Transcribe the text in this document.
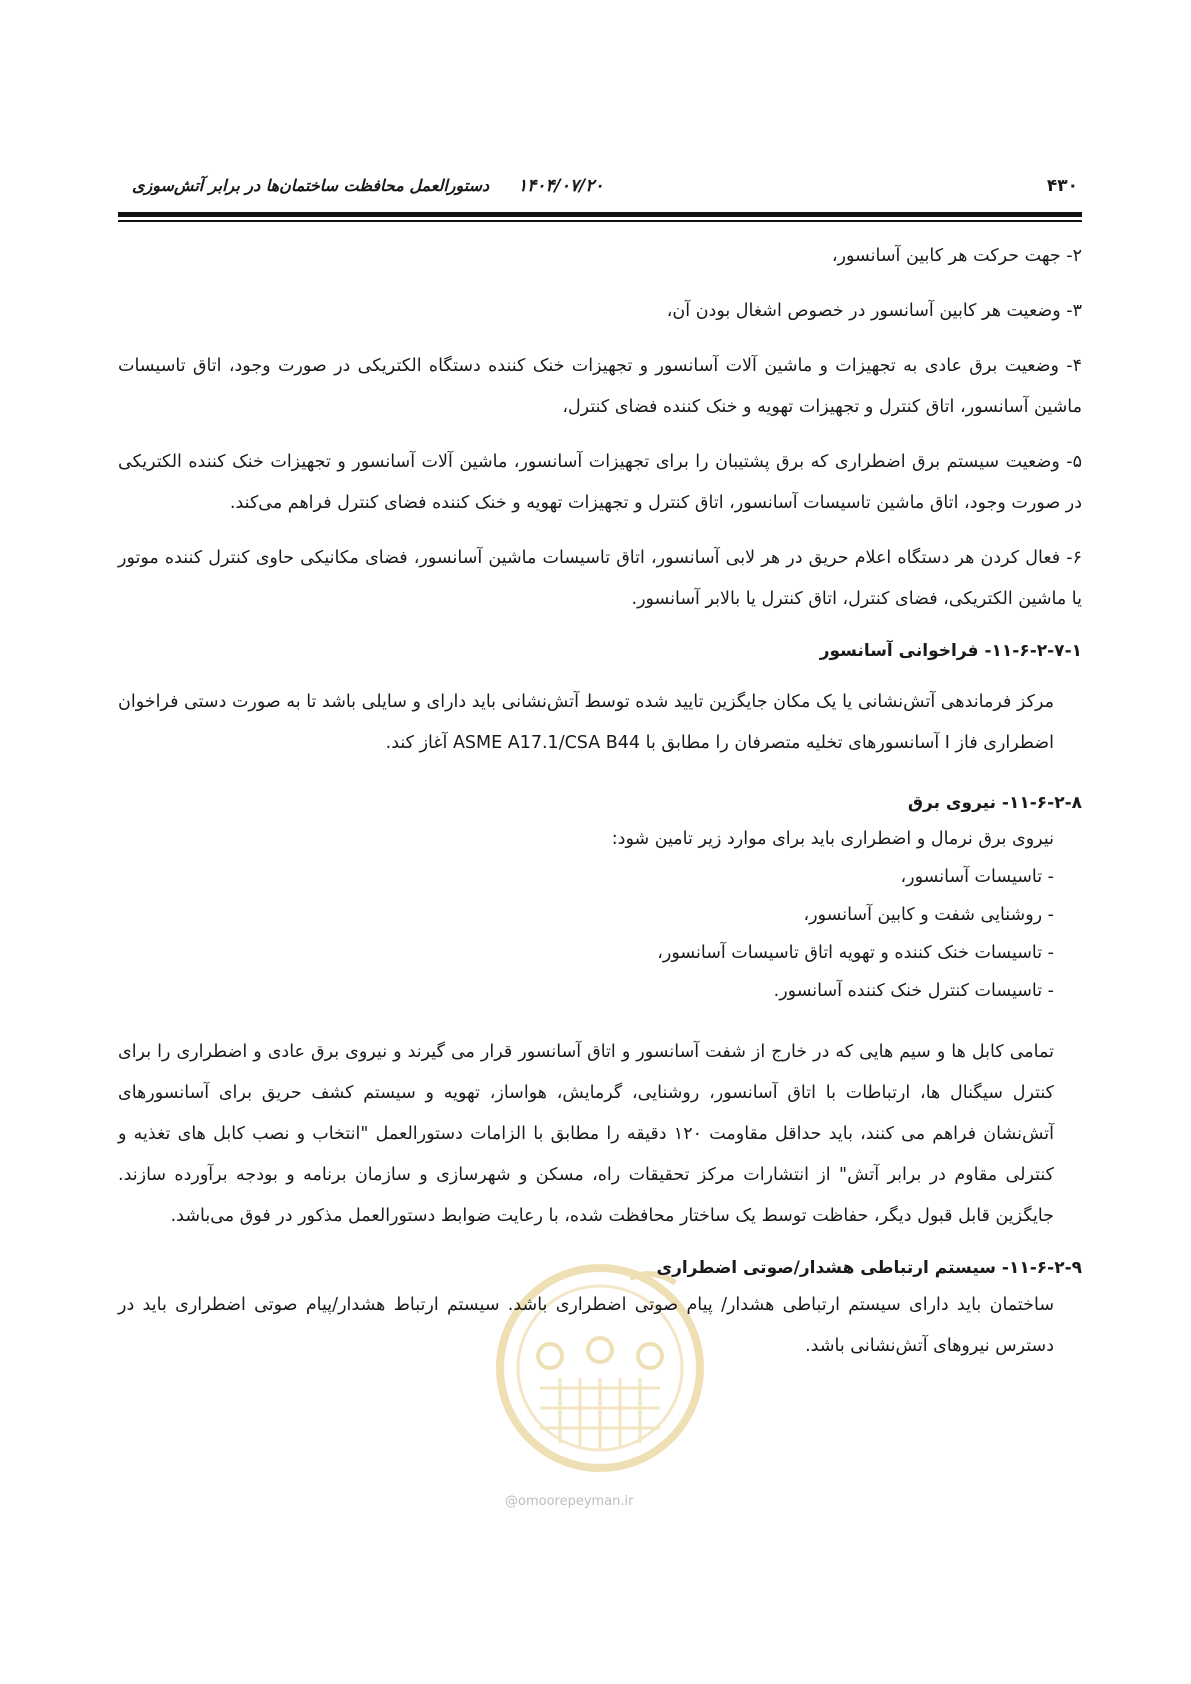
۴۳۰
۱۴۰۴/۰۷/۲۰
دستورالعمل محافظت ساختمان‌ها در برابر آتش‌سوزی
@omoorepeyman.ir

۲- جهت حرکت هر کابین آسانسور،

۳- وضعیت هر کابین آسانسور در خصوص اشغال بودن آن،

۴- وضعیت برق عادی به تجهیزات و ماشین آلات آسانسور و تجهیزات خنک کننده دستگاه الکتریکی در صورت وجود، اتاق تاسیسات ماشین آسانسور، اتاق کنترل و تجهیزات تهویه و خنک کننده فضای کنترل،

۵- وضعیت سیستم برق اضطراری که برق پشتیبان را برای تجهیزات آسانسور، ماشین آلات آسانسور و تجهیزات خنک کننده الکتریکی در صورت وجود، اتاق ماشین تاسیسات آسانسور، اتاق کنترل و تجهیزات تهویه و خنک کننده فضای کنترل فراهم می‌کند.

۶- فعال کردن هر دستگاه اعلام حریق در هر لابی آسانسور، اتاق تاسیسات ماشین آسانسور، فضای مکانیکی حاوی کنترل کننده موتور یا ماشین الکتریکی، فضای کنترل، اتاق کنترل یا بالابر آسانسور.

۱۱-۶-۲-۷-۱- فراخوانی آسانسور

مرکز فرماندهی آتش‌نشانی یا یک مکان جایگزین تایید شده توسط آتش‌نشانی باید دارای و سایلی باشد تا به صورت دستی فراخوان اضطراری فاز I آسانسورهای تخلیه متصرفان را مطابق با ASME A17.1/CSA B44 آغاز کند.

۱۱-۶-۲-۸- نیروی برق

نیروی برق نرمال و اضطراری باید برای موارد زیر تامین شود:

- تاسیسات آسانسور،

- روشنایی شفت و کابین آسانسور،

- تاسیسات خنک کننده و تهویه اتاق تاسیسات آسانسور،

- تاسیسات کنترل خنک کننده آسانسور.

تمامی کابل ها و سیم هایی که در خارج از شفت آسانسور و اتاق آسانسور قرار می گیرند و نیروی برق عادی و اضطراری را برای کنترل سیگنال ها، ارتباطات با اتاق آسانسور، روشنایی، گرمایش، هواساز، تهویه و سیستم کشف حریق برای آسانسورهای آتش‌نشان فراهم می کنند، باید حداقل مقاومت ۱۲۰ دقیقه را مطابق با الزامات دستورالعمل "انتخاب و نصب کابل های تغذیه و کنترلی مقاوم در برابر آتش" از انتشارات مرکز تحقیقات راه، مسکن و شهرسازی و سازمان برنامه و بودجه برآورده سازند. جایگزین قابل قبول دیگر، حفاظت توسط یک ساختار محافظت شده، با رعایت ضوابط دستورالعمل مذکور در فوق می‌باشد.

۱۱-۶-۲-۹- سیستم ارتباطی هشدار/صوتی اضطراری

ساختمان باید دارای سیستم ارتباطی هشدار/ پیام صوتی اضطراری باشد. سیستم ارتباط هشدار/پیام صوتی اضطراری باید در دسترس نیروهای آتش‌نشانی باشد.
